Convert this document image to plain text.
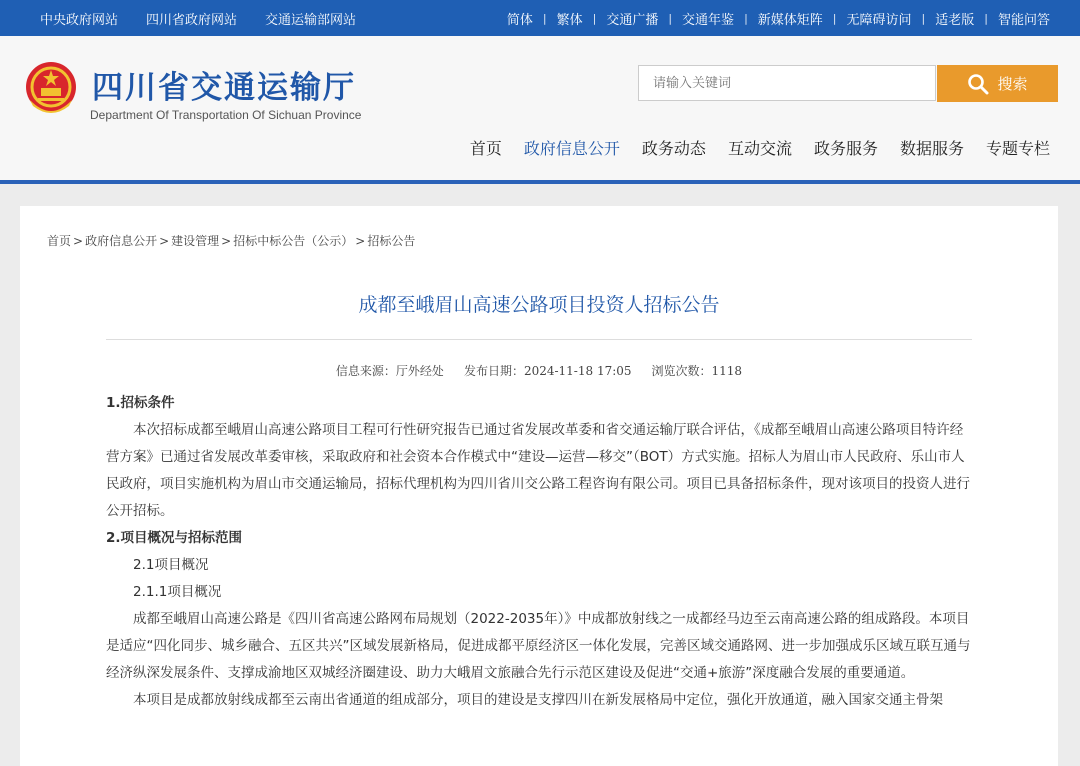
中央政府网站 四川省政府网站 交通运输部网站	简体 | 繁体 | 交通广播 | 交通年鉴 | 新媒体矩阵 | 无障碍访问 | 适老版 | 智能问答
四川省交通运输厅
Department Of Transportation Of Sichuan Province
请输入关键词
搜索
首页 政府信息公开 政务动态 互动交流 政务服务 数据服务 专题专栏
首页 > 政府信息公开 > 建设管理 > 招标中标公告（公示） > 招标公告
成都至峨眉山高速公路项目投资人招标公告
信息来源：厅外经处 发布日期：2024-11-18 17:05 浏览次数：1118

1.招标条件

本次招标成都至峨眉山高速公路项目工程可行性研究报告已通过省发展改革委和省交通运输厅联合评估，《成都至峨眉山高速公路项目特许经营方案》已通过省发展改革委审核，采取政府和社会资本合作模式中“建设—运营—移交”（BOT）方式实施。招标人为眉山市人民政府、乐山市人民政府，项目实施机构为眉山市交通运输局，招标代理机构为四川省川交公路工程咨询有限公司。项目已具备招标条件，现对该项目的投资人进行公开招标。

2.项目概况与招标范围

2.1项目概况

2.1.1项目概况

成都至峨眉山高速公路是《四川省高速公路网布局规划（2022-2035年）》中成都放射线之一成都经马边至云南高速公路的组成路段。本项目是适应“四化同步、城乡融合、五区共兴”区域发展新格局，促进成都平原经济区一体化发展，完善区域交通路网、进一步加强成乐区域互联互通与经济纵深发展条件、支撑成渝地区双城经济圈建设、助力大峨眉文旅融合先行示范区建设及促进“交通+旅游”深度融合发展的重要通道。

本项目是成都放射线成都至云南出省通道的组成部分，项目的建设是支撑四川在新发展格局中定位，强化开放通道，融入国家交通主骨架
